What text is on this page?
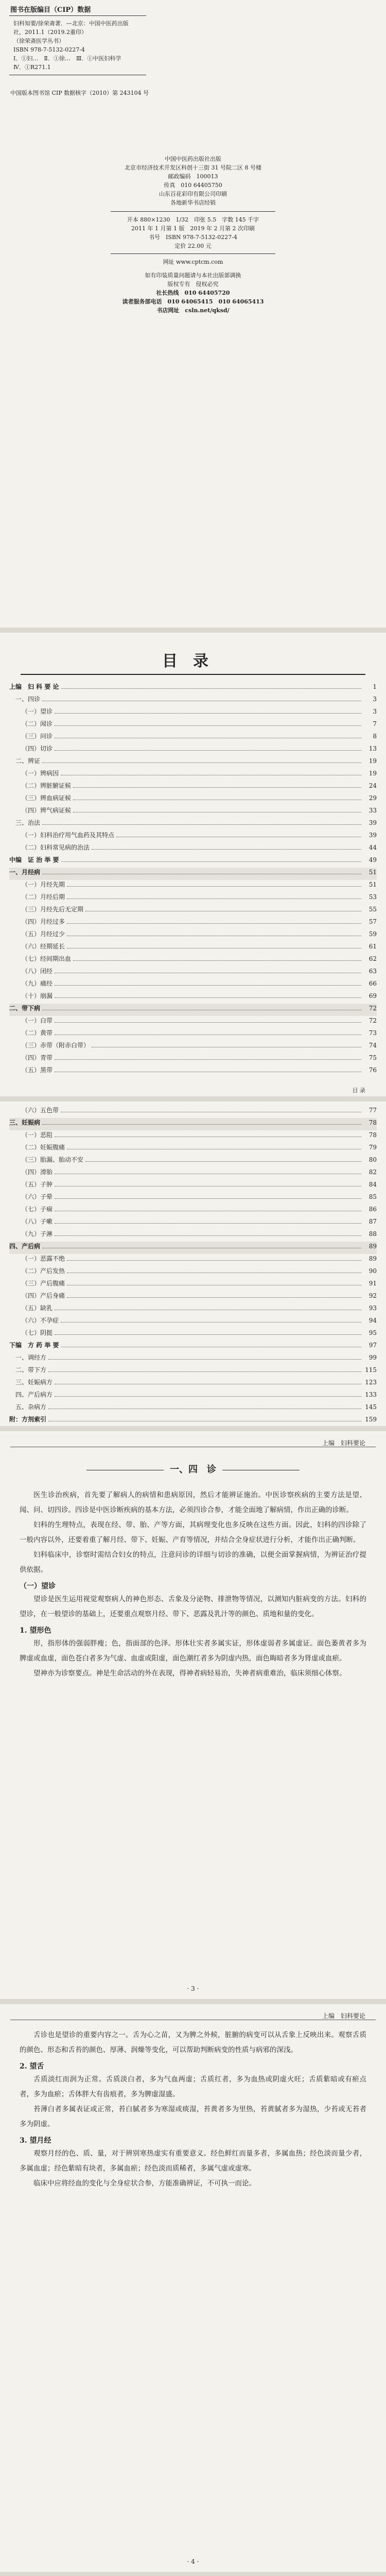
图书在版编目（CIP）数据
妇科知要/徐荣斋著．—北京：中国中医药出版
社，2011.1（2019.2重印）
（徐荣斋医学丛书）
ISBN 978-7-5132-0227-4
Ⅰ．①妇…　Ⅱ．①徐…　Ⅲ．①中医妇科学
Ⅳ．①R271.1
中国版本图书馆 CIP 数据核字（2010）第 243104 号
中国中医药出版社出版
北京市经济技术开发区科创十三街 31 号院二区 8 号楼
邮政编码　100013
传真　010 64405750
山东百花彩印有限公司印刷
各地新华书店经销
开本 880×1230　1/32　印张 5.5　字数 145 千字
2011 年 1 月第 1 版　2019 年 2 月第 2 次印刷
书号　ISBN 978-7-5132-0227-4
定价 22.00 元
网址 www.cptcm.com
如有印装质量问题请与本社出版部调换
版权专有　侵权必究
社长热线　010 64405720
读者服务部电话　010 64065415　010 64065413
书店网址　csln.net/qksd/
目录
上编　妇 科 要 论	1
一、四诊	3
（一）望诊	3
（二）闻诊	7
（三）问诊	8
（四）切诊	13
二、辨证	19
（一）辨病因	19
（二）辨脏腑证候	24
（三）辨血病证候	29
（四）辨气病证候	33
三、治法	39
（一）妇科治疗用气血药及其特点	39
（二）妇科常见病的治法	44
中编　证 治 举 要	49
一、月经病	51
（一）月经先期	51
（二）月经后期	53
（三）月经先后无定期	55
（四）月经过多	57
（五）月经过少	59
（六）经期延长	61
（七）经间期出血	62
（八）闭经	63
（九）痛经	66
（十）崩漏	69
二、带下病	72
（一）白带	72
（二）黄带	73
（三）赤带（附赤白带）	74
（四）青带	75
（五）黑带	76
目 录
（六）五色带	77
三、妊娠病	78
（一）恶阻	78
（二）妊娠腹痛	79
（三）胎漏、胎动不安	80
（四）滑胎	82
（五）子肿	84
（六）子晕	85
（七）子痫	86
（八）子嗽	87
（九）子淋	88
四、产后病	89
（一）恶露不绝	89
（二）产后发热	90
（三）产后腹痛	91
（四）产后身痛	92
（五）缺乳	93
（六）不孕症	94
（七）阴挺	95
下编　方 药 举 要	97
一、调经方	99
二、带下方	115
三、妊娠病方	123
四、产后病方	133
五、杂病方	145
附：方剂索引	159
上编　妇科要论
一、四　诊

医生诊治疾病，首先要了解病人的病情和患病原因，然后才能辨证施治。中医诊察疾病的主要方法是望、闻、问、切四诊。四诊是中医诊断疾病的基本方法，必须四诊合参，才能全面地了解病情，作出正确的诊断。

妇科的生理特点，表现在经、带、胎、产等方面，其病理变化也多反映在这些方面。因此，妇科的四诊除了一般内容以外，还要着重了解月经、带下、妊娠、产育等情况，并结合全身症状进行分析，才能作出正确判断。

妇科临床中，诊察时需结合妇女的特点，注意问诊的详细与切诊的准确，以便全面掌握病情，为辨证治疗提供依据。

（一）望诊

望诊是医生运用视觉观察病人的神色形态、舌象及分泌物、排泄物等情况，以测知内脏病变的方法。妇科的望诊，在一般望诊的基础上，还要重点观察月经、带下、恶露及乳汁等的颜色、质地和量的变化。

1. 望形色

形，指形体的强弱胖瘦；色，指面部的色泽。形体壮实者多属实证，形体虚弱者多属虚证。面色萎黄者多为脾虚或血虚，面色苍白者多为气虚、血虚或阳虚，面色潮红者多为阴虚内热，面色晦暗者多为肾虚或血瘀。

望神亦为诊察要点。神是生命活动的外在表现，得神者病轻易治，失神者病重难治，临床须细心体察。

· 3 ·
上编　妇科要论

舌诊也是望诊的重要内容之一。舌为心之苗，又为脾之外候，脏腑的病变可以从舌象上反映出来。观察舌质的颜色、形态和舌苔的颜色、厚薄、润燥等变化，可以帮助判断病变的性质与病邪的深浅。

2. 望舌

舌质淡红而润为正常。舌质淡白者，多为气血两虚；舌质红者，多为血热或阴虚火旺；舌质紫暗或有瘀点者，多为血瘀；舌体胖大有齿痕者，多为脾虚湿盛。

苔薄白者多属表证或正常，苔白腻者多为寒湿或痰湿，苔黄者多为里热，苔黄腻者多为湿热，少苔或无苔者多为阴虚。

3. 望月经

观察月经的色、质、量，对于辨别寒热虚实有重要意义。经色鲜红而量多者，多属血热；经色淡而量少者，多属血虚；经色紫暗有块者，多属血瘀；经色淡而质稀者，多属气虚或虚寒。

临床中应将经血的变化与全身症状合参，方能准确辨证，不可执一而论。

· 4 ·
